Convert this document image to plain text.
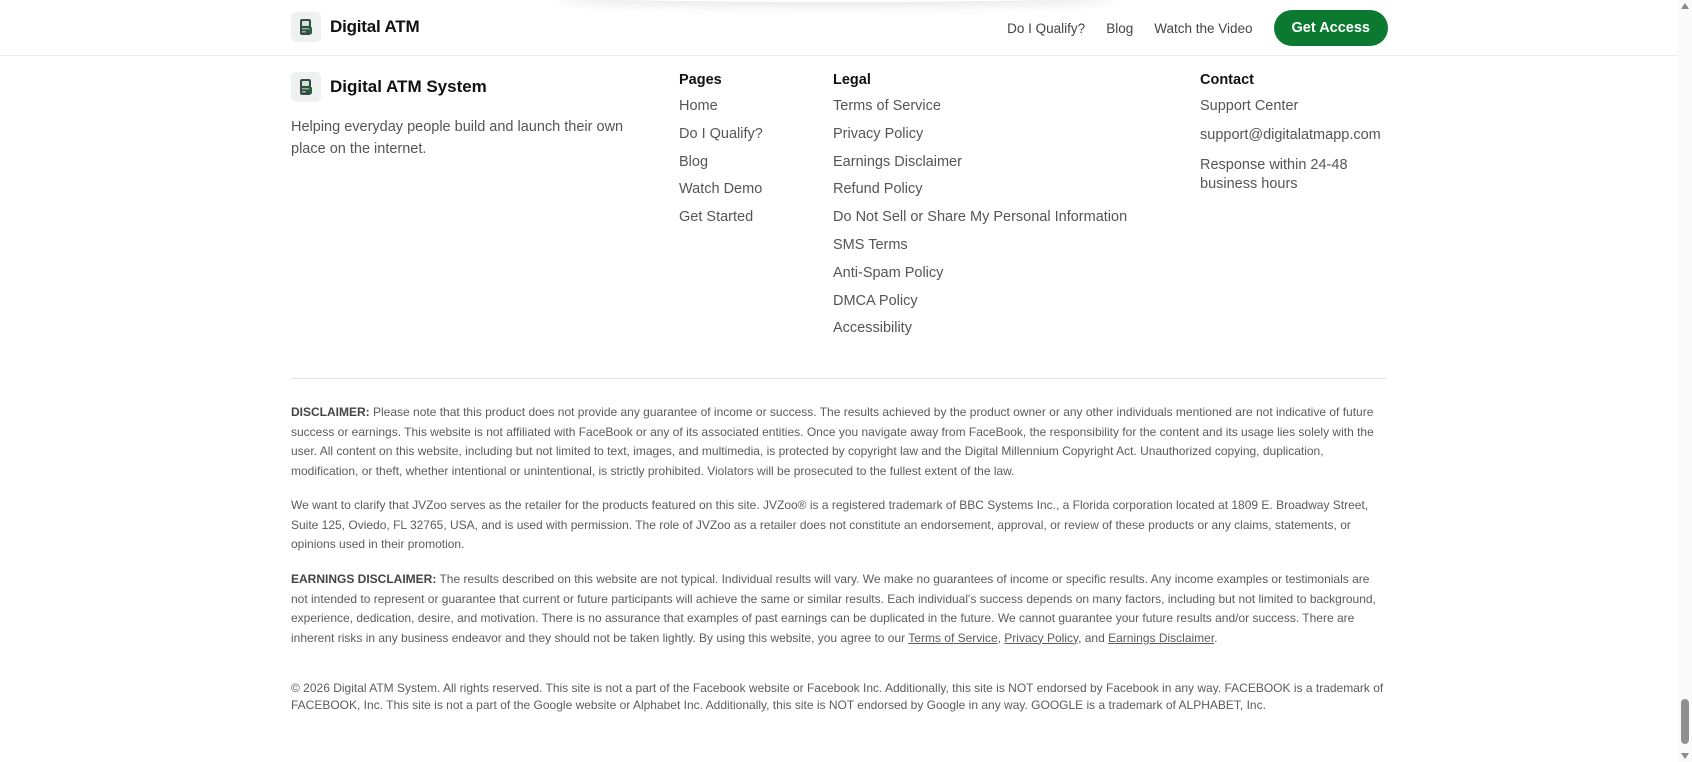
Digital ATM	Do I Qualify? Blog Watch the Video	Get Access
Digital ATM System

Helping everyday people build and launch their own place on the internet.

Pages
Home
Do I Qualify?
Blog
Watch Demo
Get Started
Legal
Terms of Service
Privacy Policy
Earnings Disclaimer
Refund Policy
Do Not Sell or Share My Personal Information
SMS Terms
Anti-Spam Policy
DMCA Policy
Accessibility
Contact
Support Center
support@digitalatmapp.com
Response within 24-48 business hours

DISCLAIMER: Please note that this product does not provide any guarantee of income or success. The results achieved by the product owner or any other individuals mentioned are not indicative of future success or earnings. This website is not affiliated with FaceBook or any of its associated entities. Once you navigate away from FaceBook, the responsibility for the content and its usage lies solely with the user. All content on this website, including but not limited to text, images, and multimedia, is protected by copyright law and the Digital Millennium Copyright Act. Unauthorized copying, duplication, modification, or theft, whether intentional or unintentional, is strictly prohibited. Violators will be prosecuted to the fullest extent of the law.

We want to clarify that JVZoo serves as the retailer for the products featured on this site. JVZoo® is a registered trademark of BBC Systems Inc., a Florida corporation located at 1809 E. Broadway Street, Suite 125, Oviedo, FL 32765, USA, and is used with permission. The role of JVZoo as a retailer does not constitute an endorsement, approval, or review of these products or any claims, statements, or opinions used in their promotion.

EARNINGS DISCLAIMER: The results described on this website are not typical. Individual results will vary. We make no guarantees of income or specific results. Any income examples or testimonials are not intended to represent or guarantee that current or future participants will achieve the same or similar results. Each individual's success depends on many factors, including but not limited to background, experience, dedication, desire, and motivation. There is no assurance that examples of past earnings can be duplicated in the future. We cannot guarantee your future results and/or success. There are inherent risks in any business endeavor and they should not be taken lightly. By using this website, you agree to our Terms of Service, Privacy Policy, and Earnings Disclaimer.

© 2026 Digital ATM System. All rights reserved. This site is not a part of the Facebook website or Facebook Inc. Additionally, this site is NOT endorsed by Facebook in any way. FACEBOOK is a trademark of FACEBOOK, Inc. This site is not a part of the Google website or Alphabet Inc. Additionally, this site is NOT endorsed by Google in any way. GOOGLE is a trademark of ALPHABET, Inc.
